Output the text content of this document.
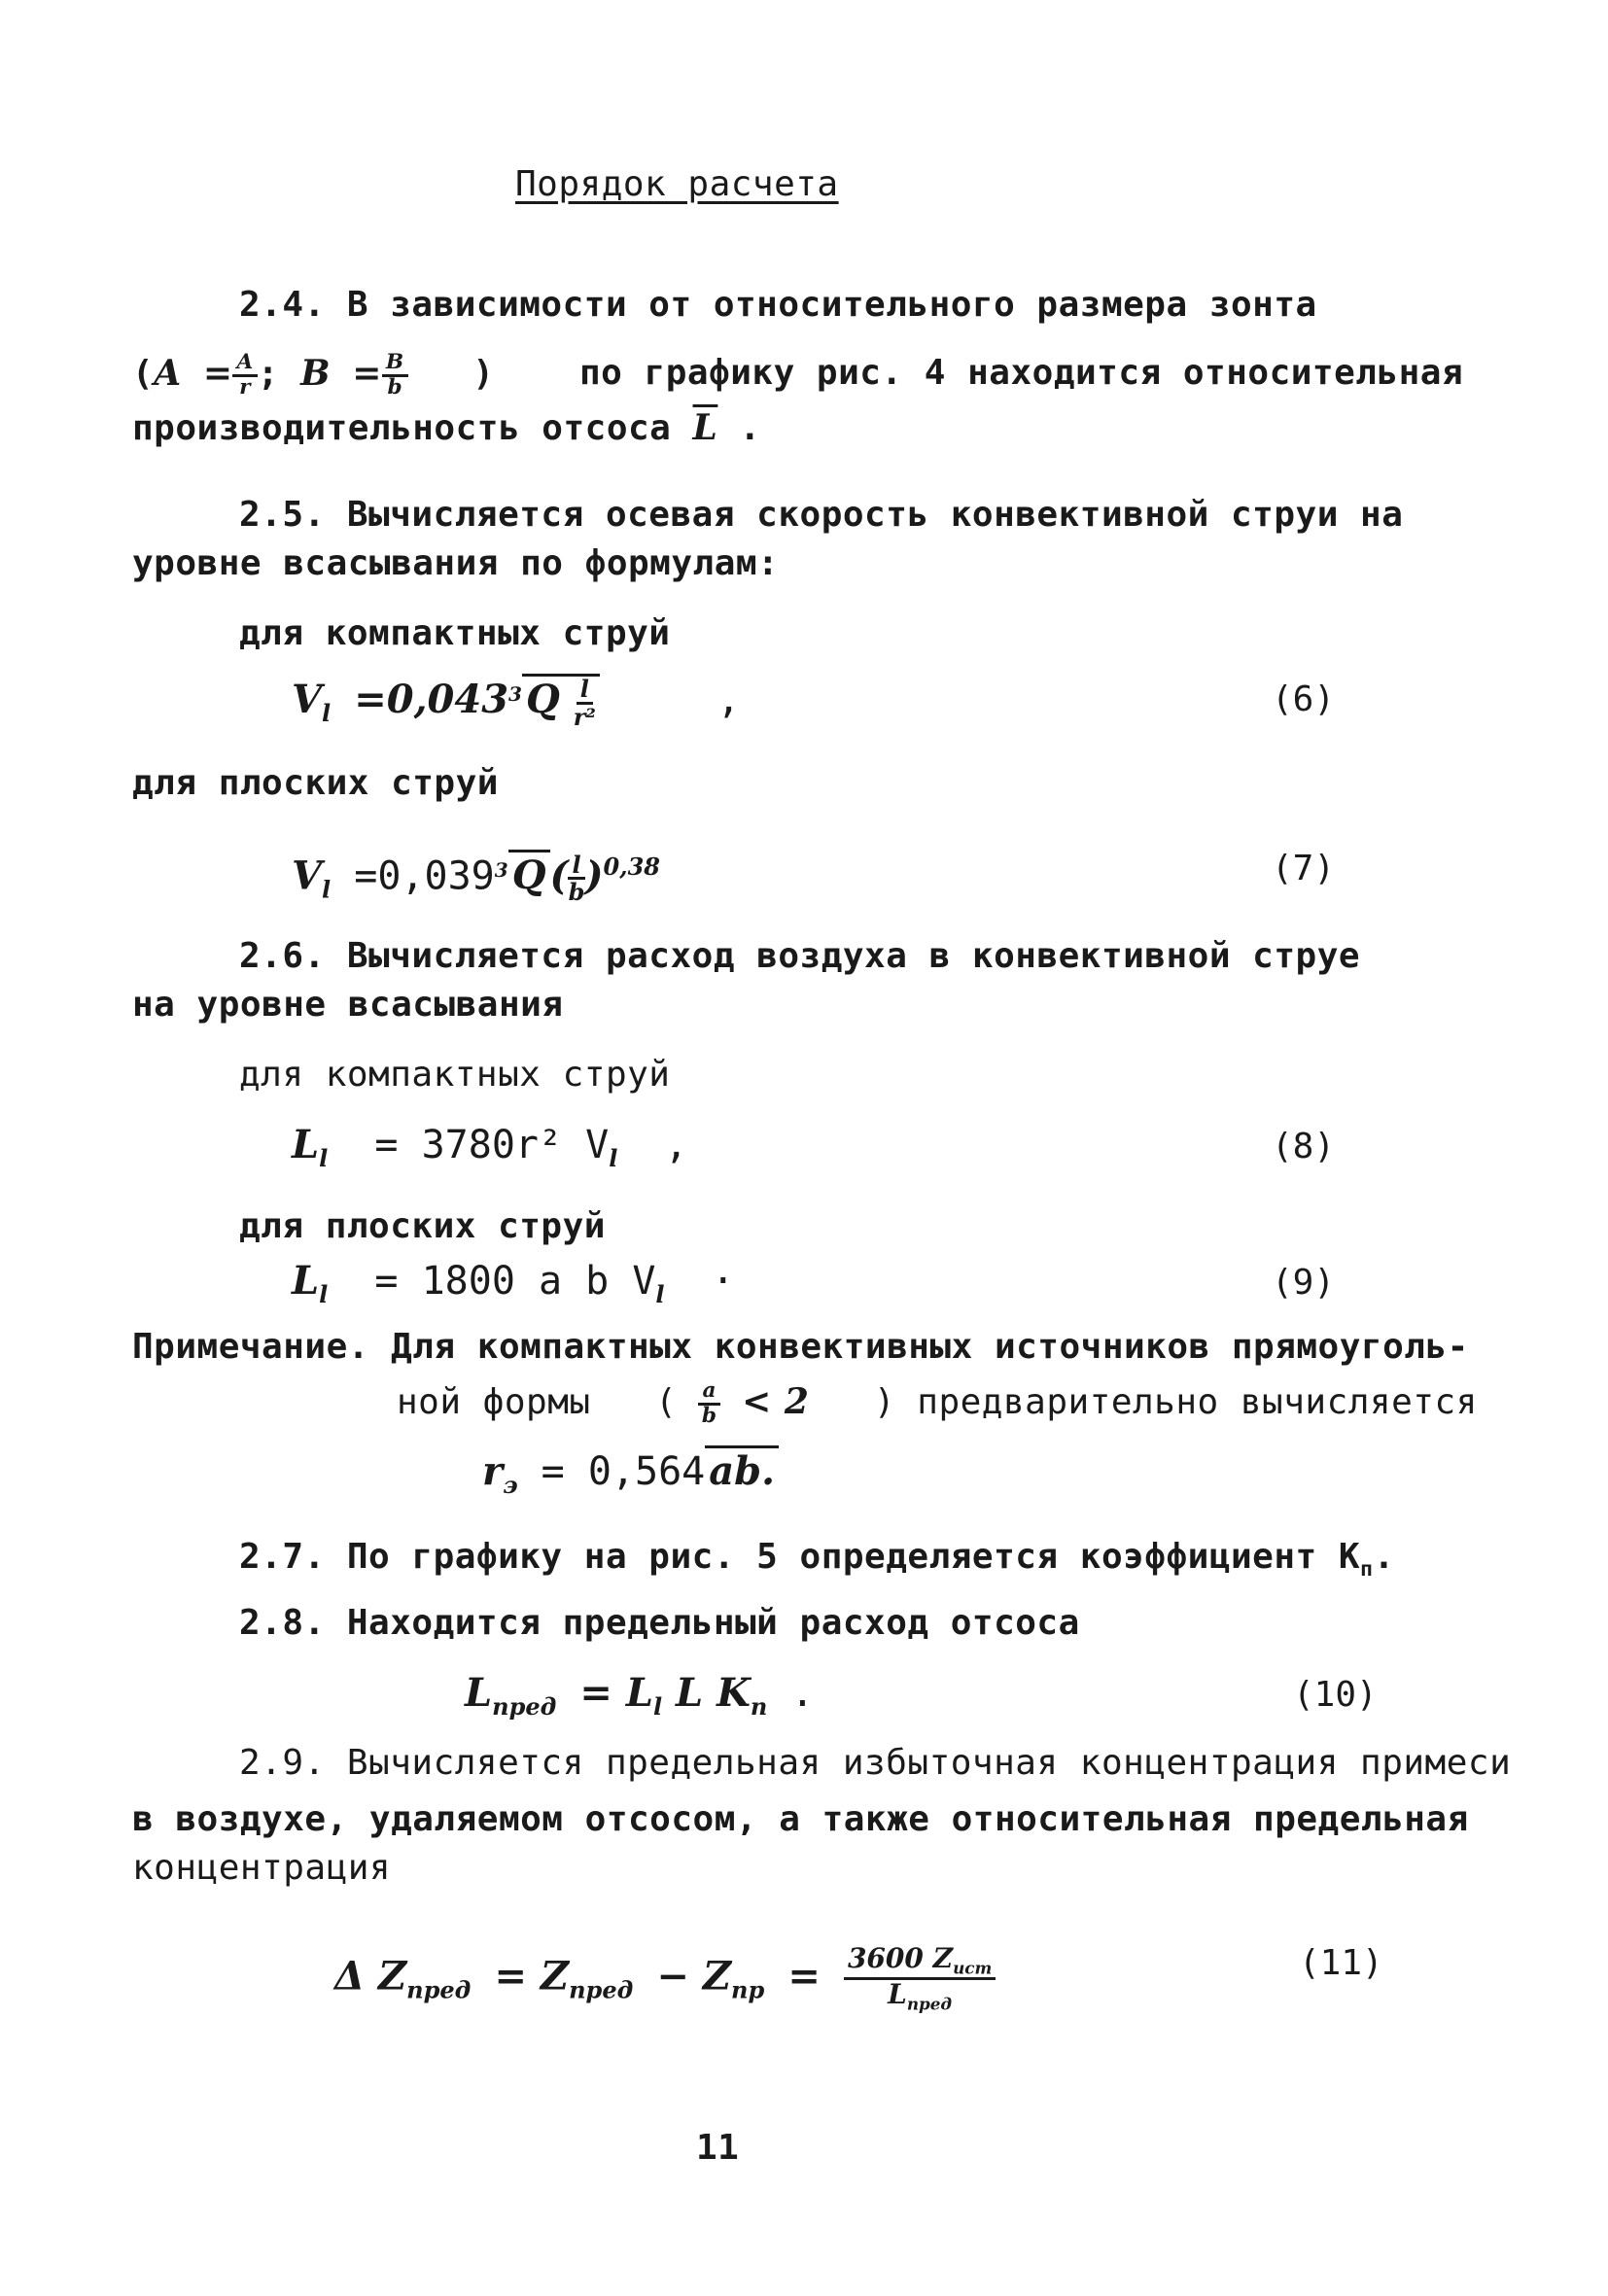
Порядок расчета
2.4. В зависимости от относительного размера зонта
($A = \frac{A}{r}$ ; $B = \frac{B}{b}$ ) по графику рис. 4 находится относительная
производительность отсоса $\overline{L}$ .
2.5. Вычисляется осевая скорость конвективной струи на
уровне всасывания по формулам:
для компактных струй
$V_l =0,043^3$ Q $\frac{l}{\text{r²}}$ ,	(6)
для плоских струй
$V_l =0,039^3$ Q ( $\frac{l}{b} )^{0,38}$	(7)
2.6. Вычисляется расход воздуха в конвективной струе
на уровне всасывания
для компактных струй
$L_l = 3780r^2$ $V_l$  ,	(8)
для плоских струй
$L_l = 1800$ a b $V_l$  ·	(9)
Примечание. Для компактных конвективных источников прямоуголь-
ной формы   ( $\frac{a}{b} < 2$ ) предварительно вычисляется
$r_э = 0,564$ ab.
2.7. По графику на рис. 5 определяется коэффициент $К_п$.
2.8. Находится предельный расход отсоса
$L_{пред} = L_l$ L $K_п$ .	(10)
2.9. Вычисляется предельная избыточная концентрация примеси
в воздухе, удаляемом отсосом, а также относительная предельная
концентрация
Δ $Z_{пред} = Z_{пред} - Z_{пр} = \frac{3600 Z_{ист}}{L_{пред}}$	(11)
11
